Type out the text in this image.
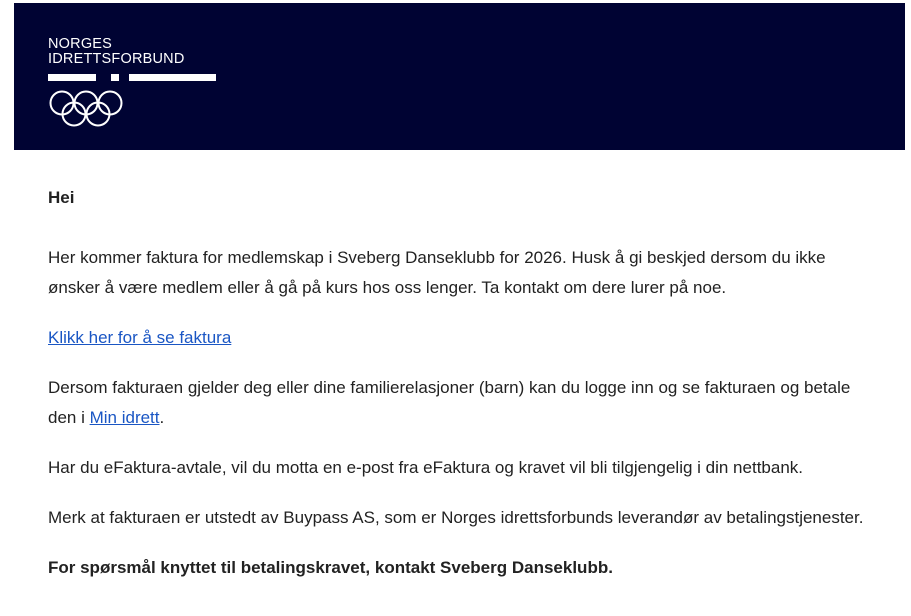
NORGES
IDRETTSFORBUND

Hei

Her kommer faktura for medlemskap i Sveberg Danseklubb for 2026. Husk å gi beskjed dersom du ikke ønsker å være medlem eller å gå på kurs hos oss lenger. Ta kontakt om dere lurer på noe.

Klikk her for å se faktura

Dersom fakturaen gjelder deg eller dine familierelasjoner (barn) kan du logge inn og se fakturaen og betale den i Min idrett.

Har du eFaktura-avtale, vil du motta en e-post fra eFaktura og kravet vil bli tilgjengelig i din nettbank.

Merk at fakturaen er utstedt av Buypass AS, som er Norges idrettsforbunds leverandør av betalingstjenester.

For spørsmål knyttet til betalingskravet, kontakt Sveberg Danseklubb.
